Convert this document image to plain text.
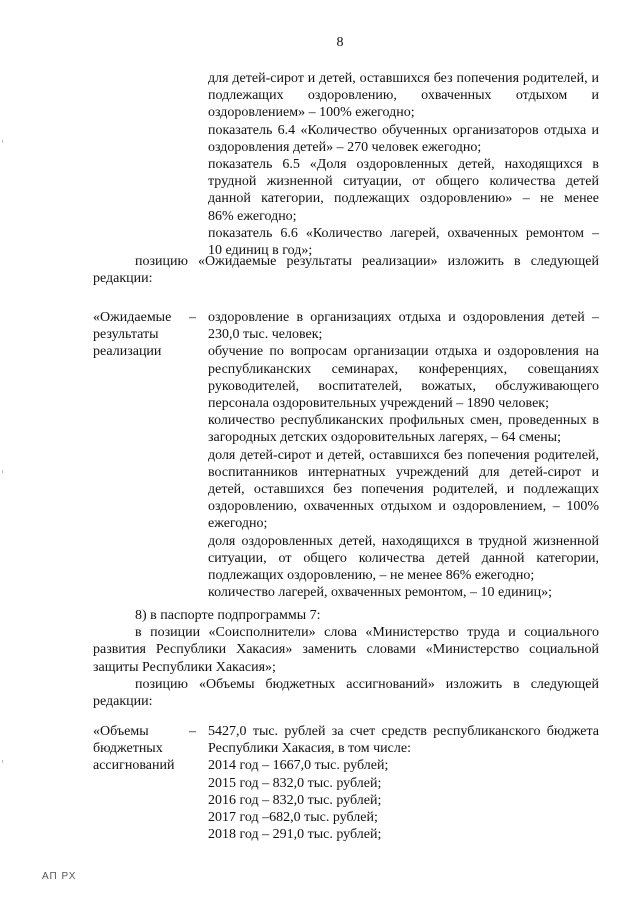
8
для детей-сирот и детей, оставшихся без попечения родителей, и
подлежащих оздоровлению, охваченных отдыхом и
оздоровлением» – 100% ежегодно;
показатель 6.4 «Количество обученных организаторов отдыха и
оздоровления детей» – 270 человек ежегодно;
показатель 6.5 «Доля оздоровленных детей, находящихся в
трудной жизненной ситуации, от общего количества детей
данной категории, подлежащих оздоровлению» – не менее
86% ежегодно;
показатель 6.6 «Количество лагерей, охваченных ремонтом –
10 единиц в год»;
позицию «Ожидаемые результаты реализации» изложить в следующей
редакции:
«Ожидаемые
результаты
реализации
– оздоровление в организациях отдыха и оздоровления детей –
230,0 тыс. человек;
обучение по вопросам организации отдыха и оздоровления на
республиканских семинарах, конференциях, совещаниях
руководителей, воспитателей, вожатых, обслуживающего
персонала оздоровительных учреждений – 1890 человек;
количество республиканских профильных смен, проведенных в
загородных детских оздоровительных лагерях, – 64 смены;
доля детей-сирот и детей, оставшихся без попечения родителей,
воспитанников интернатных учреждений для детей-сирот и
детей, оставшихся без попечения родителей, и подлежащих
оздоровлению, охваченных отдыхом и оздоровлением, – 100%
ежегодно;
доля оздоровленных детей, находящихся в трудной жизненной
ситуации, от общего количества детей данной категории,
подлежащих оздоровлению, – не менее 86% ежегодно;
количество лагерей, охваченных ремонтом, – 10 единиц»;
8) в паспорте подпрограммы 7:
в позиции «Соисполнители» слова «Министерство труда и социального
развития Республики Хакасия» заменить словами «Министерство социальной
защиты Республики Хакасия»;
позицию «Объемы бюджетных ассигнований» изложить в следующей
редакции:
«Объемы
бюджетных
ассигнований
– 5427,0 тыс. рублей за счет средств республиканского бюджета
Республики Хакасия, в том числе:
2014 год – 1667,0 тыс. рублей;
2015 год – 832,0 тыс. рублей;
2016 год – 832,0 тыс. рублей;
2017 год –682,0 тыс. рублей;
2018 год – 291,0 тыс. рублей;
АП РХ
